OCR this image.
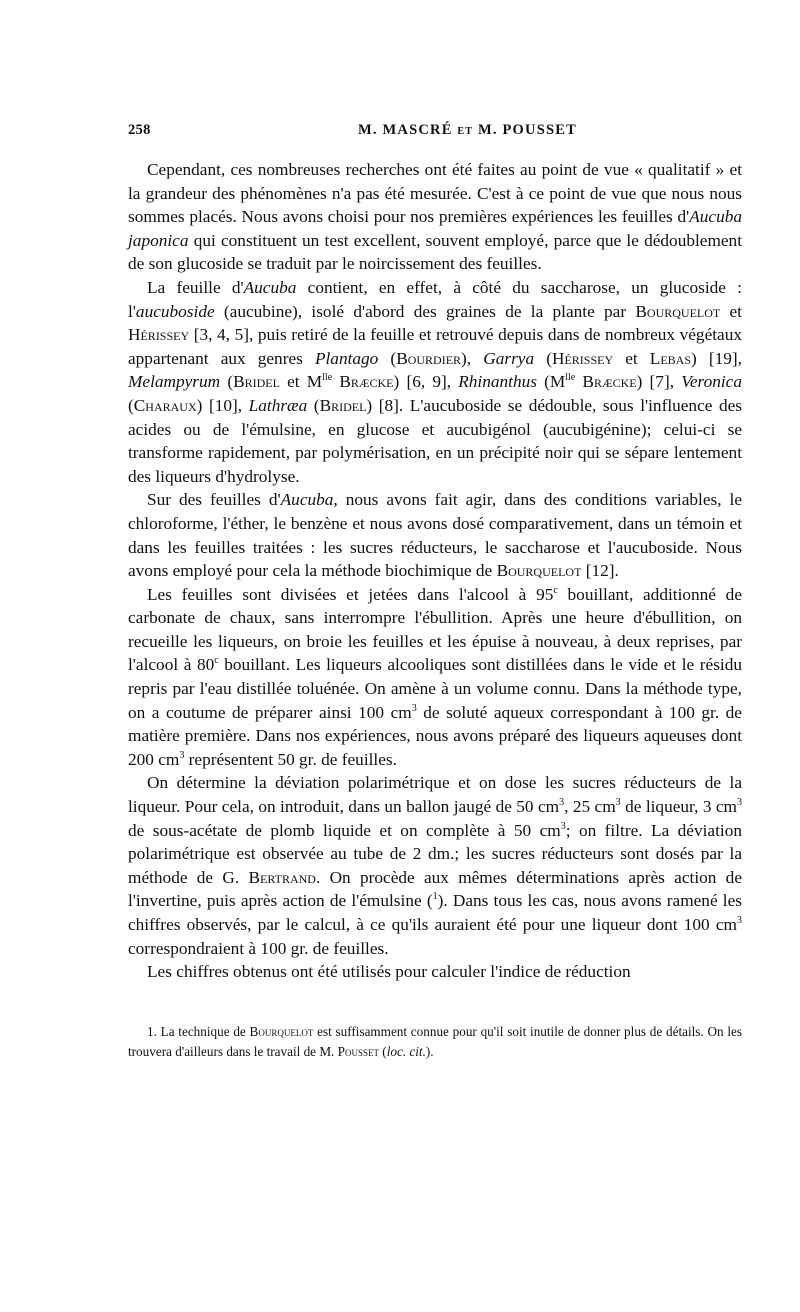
258	M. MASCRÉ et M. POUSSET

Cependant, ces nombreuses recherches ont été faites au point de vue « qualitatif » et la grandeur des phénomènes n'a pas été mesurée. C'est à ce point de vue que nous nous sommes placés. Nous avons choisi pour nos premières expériences les feuilles d'Aucuba japonica qui constituent un test excellent, souvent employé, parce que le dédoublement de son glucoside se traduit par le noircissement des feuilles.

La feuille d'Aucuba contient, en effet, à côté du saccharose, un glucoside : l'aucuboside (aucubine), isolé d'abord des graines de la plante par Bourquelot et Hérissey [3, 4, 5], puis retiré de la feuille et retrouvé depuis dans de nombreux végétaux appartenant aux genres Plantago (Bourdier), Garrya (Hérissey et Lebas) [19], Melampyrum (Bridel et $M^{lle}$ Bræcke) [6, 9], Rhinanthus ($M^{lle}$ Bræcke) [7], Veronica (Charaux) [10], Lathræa (Bridel) [8]. L'aucuboside se dédouble, sous l'influence des acides ou de l'émulsine, en glucose et aucubigénol (aucubigénine); celui-ci se transforme rapidement, par polymérisation, en un précipité noir qui se sépare lentement des liqueurs d'hydrolyse.

Sur des feuilles d'Aucuba, nous avons fait agir, dans des conditions variables, le chloroforme, l'éther, le benzène et nous avons dosé comparativement, dans un témoin et dans les feuilles traitées : les sucres réducteurs, le saccharose et l'aucuboside. Nous avons employé pour cela la méthode biochimique de Bourquelot [12].

Les feuilles sont divisées et jetées dans l'alcool à 95$^c$ bouillant, additionné de carbonate de chaux, sans interrompre l'ébullition. Après une heure d'ébullition, on recueille les liqueurs, on broie les feuilles et les épuise à nouveau, à deux reprises, par l'alcool à 80$^c$ bouillant. Les liqueurs alcooliques sont distillées dans le vide et le résidu repris par l'eau distillée toluénée. On amène à un volume connu. Dans la méthode type, on a coutume de préparer ainsi 100 $cm^3$ de soluté aqueux correspondant à 100 gr. de matière première. Dans nos expériences, nous avons préparé des liqueurs aqueuses dont 200 $cm^3$ représentent 50 gr. de feuilles.

On détermine la déviation polarimétrique et on dose les sucres réducteurs de la liqueur. Pour cela, on introduit, dans un ballon jaugé de 50 $cm^3$, 25 $cm^3$ de liqueur, 3 $cm^3$ de sous-acétate de plomb liquide et on complète à 50 $cm^3$; on filtre. La déviation polarimétrique est observée au tube de 2 dm.; les sucres réducteurs sont dosés par la méthode de G. Bertrand. On procède aux mêmes déterminations après action de l'invertine, puis après action de l'émulsine ($^1$). Dans tous les cas, nous avons ramené les chiffres observés, par le calcul, à ce qu'ils auraient été pour une liqueur dont 100 $cm^3$ correspondraient à 100 gr. de feuilles.

Les chiffres obtenus ont été utilisés pour calculer l'indice de réduction

1. La technique de Bourquelot est suffisamment connue pour qu'il soit inutile de donner plus de détails. On les trouvera d'ailleurs dans le travail de M. Pousset (loc. cit.).
